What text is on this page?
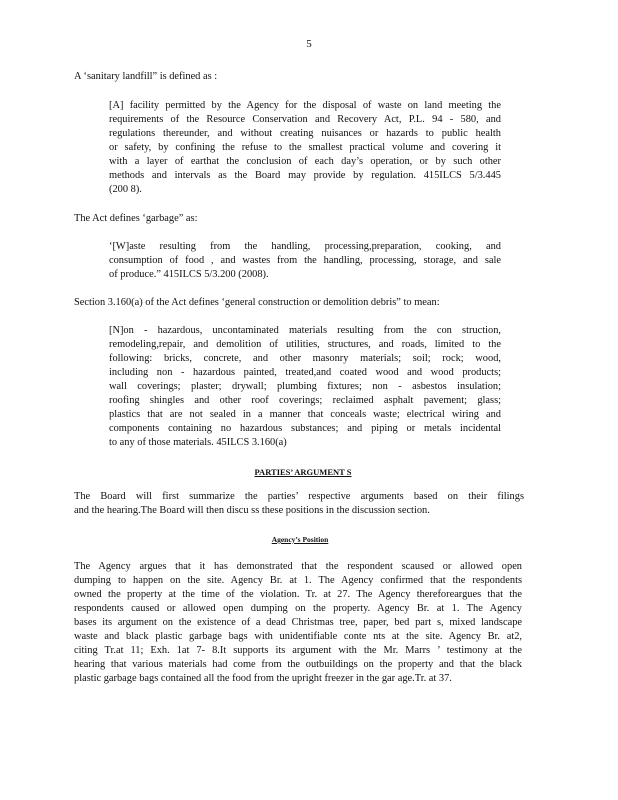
5
A ‘sanitary landfill” is defined as :
[A] facility permitted by the Agency for the disposal of waste on land meeting the
requirements of the Resource Conservation and Recovery Act, P.L. 94 - 580, and
regulations thereunder, and without creating nuisances or hazards to public health
or safety, by confining the refuse to the smallest practical volume and covering it
with a layer of earthat the conclusion of each day’s operation, or by such other
methods and intervals as the Board may provide by regulation. 415ILCS 5/3.445
(200 8).
The Act defines ‘garbage” as:
‘[W]aste resulting from the handling, processing,preparation, cooking, and
consumption of food , and wastes from the handling, processing, storage, and sale
of produce.” 415ILCS 5/3.200 (2008).
Section 3.160(a) of the Act defines ‘general construction or demolition debris” to mean:
[N]on - hazardous, uncontaminated materials resulting from the con struction,
remodeling,repair, and demolition of utilities, structures, and roads, limited to the
following: bricks, concrete, and other masonry materials; soil; rock; wood,
including non - hazardous painted, treated,and coated wood and wood products;
wall coverings; plaster; drywall; plumbing fixtures; non - asbestos insulation;
roofing shingles and other roof coverings; reclaimed asphalt pavement; glass;
plastics that are not sealed in a manner that conceals waste; electrical wiring and
components containing no hazardous substances; and piping or metals incidental
to any of those materials. 45ILCS 3.160(a)
PARTIES’ ARGUMENT S
The Board will first summarize the parties’ respective arguments based on their filings
and the hearing.The Board will then discu ss these positions in the discussion section.
Agency’s Position
The Agency argues that it has demonstrated that the respondent scaused or allowed open
dumping to happen on the site. Agency Br. at 1. The Agency confirmed that the respondents
owned the property at the time of the violation. Tr. at 27. The Agency thereforeargues that the
respondents caused or allowed open dumping on the property. Agency Br. at 1. The Agency
bases its argument on the existence of a dead Christmas tree, paper, bed part s, mixed landscape
waste and black plastic garbage bags with unidentifiable conte nts at the site. Agency Br. at2,
citing Tr.at 11; Exh. 1at 7- 8.It supports its argument with the Mr. Marrs ’ testimony at the
hearing that various materials had come from the outbuildings on the property and that the black
plastic garbage bags contained all the food from the upright freezer in the gar age.Tr. at 37.
